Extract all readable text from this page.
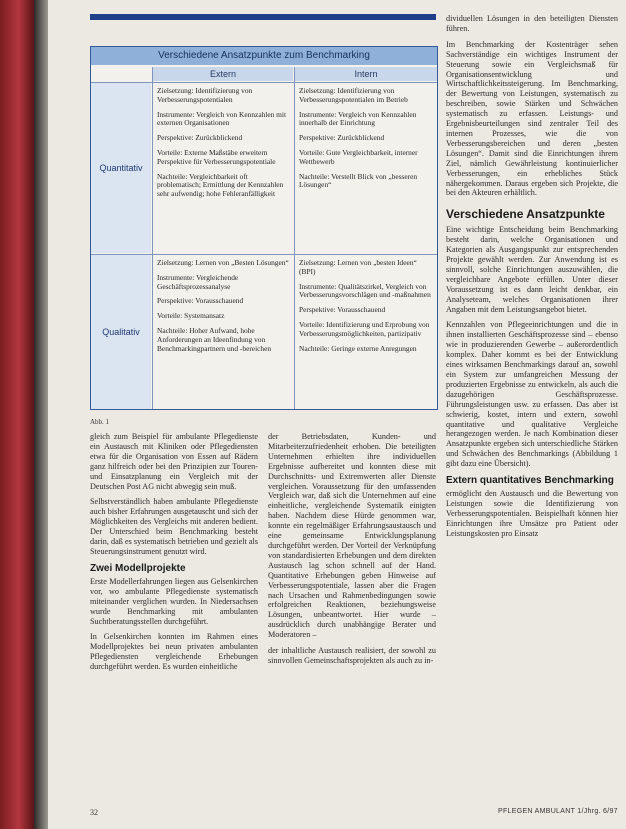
Verschiedene Ansatzpunkte zum Benchmarking
Extern	Intern
Quantitativ
Qualitativ

Zielsetzung: Identifizierung von Verbesserungspotentialen

Instrumente: Vergleich von Kennzahlen mit externen Organisationen

Perspektive: Zurückblickend

Vorteile: Externe Maßstäbe erweitern Perspektive für Verbesserungspotentiale

Nachteile: Vergleichbarkeit oft problematisch; Ermittlung der Kennzahlen sehr aufwendig; hohe Fehleranfälligkeit

Zielsetzung: Identifizierung von Verbesserungspotentialen im Betrieb

Instrumente: Vergleich von Kennzahlen innerhalb der Einrichtung

Perspektive: Zurückblickend

Vorteile: Gute Vergleichbarkeit, interner Wettbewerb

Nachteile: Verstellt Blick von „besseren Lösungen“

Zielsetzung: Lernen von „Besten Lösungen“

Instrumente: Vergleichende Geschäftsprozessanalyse

Perspektive: Vorausschauend

Vorteile: Systemansatz

Nachteile: Hoher Aufwand, hohe Anforderungen an Ideenfindung von Benchmarkingpartnern und -bereichen

Zielsetzung: Lernen von „besten Ideen“ (BPI)

Instrumente: Qualitätszirkel, Vergleich von Verbesserungsvorschlägen und -maßnahmen

Perspektive: Vorausschauend

Vorteile: Identifizierung und Erprobung von Verbesserungsmöglichkeiten, partizipativ

Nachteile: Geringe externe Anregungen

Abb. 1

dividuellen Lösungen in den beteiligten Diensten führen.

Im Benchmarking der Kostenträger sehen Sachverständige ein wichtiges Instrument der Steuerung sowie ein Vergleichsmaß für Organisationsentwicklung und Wirtschaftlichkeitssteigerung. Im Benchmarking, der Bewertung von Leistungen, systematisch zu beschreiben, sowie Stärken und Schwächen systematisch zu erfassen. Leistungs- und Ergebnisbeurteilungen sind zentraler Teil des internen Prozesses, wie die von Verbesserungsbereichen und deren „besten Lösungen“. Damit sind die Einrichtungen ihrem Ziel, nämlich Gewährleistung kontinuierlicher Verbesserungen, ein erhebliches Stück nähergekommen. Daraus ergeben sich Projekte, die bei den Akteuren erhältlich.

Verschiedene Ansatzpunkte

Eine wichtige Entscheidung beim Benchmarking besteht darin, welche Organisationen und Kategorien als Ausgangspunkt zur entsprechenden Projekte gewählt werden. Zur Anwendung ist es sinnvoll, solche Einrichtungen auszuwählen, die vergleichbare Angebote erfüllen. Unter dieser Voraussetzung ist es dann leicht denkbar, ein Analyseteam, welches Organisationen ihrer Angaben mit dem Leistungsangebot bietet.

Kennzahlen von Pflegeeinrichtungen und die in ihnen installierten Geschäftsprozesse sind – ebenso wie in produzierenden Gewerbe – außerordentlich komplex. Daher kommt es bei der Entwicklung eines wirksamen Benchmarkings darauf an, sowohl ein System zur umfangreichen Messung der produzierten Ergebnisse zu entwickeln, als auch die dazugehörigen Geschäftsprozesse. Führungsleistungen usw. zu erfassen. Das aber ist schwierig, kostet, intern und extern, sowohl quantitative und qualitative Vergleiche herangezogen werden. Je nach Kombination dieser Ansatzpunkte ergeben sich unterschiedliche Stärken und Schwächen des Benchmarkings (Abbildung 1 gibt dazu eine Übersicht).

Extern quantitatives Benchmarking

ermöglicht den Austausch und die Bewertung von Leistungen sowie die Identifizierung von Verbesserungspotentialen. Beispielhaft können hier Einrichtungen ihre Umsätze pro Patient oder Leistungskosten pro Einsatz

gleich zum Beispiel für ambulante Pflegedienste ein Austausch mit Kliniken oder Pflegediensten etwa für die Organisation von Essen auf Rädern ganz hilfreich oder bei den Prinzipien zur Touren- und Einsatzplanung ein Vergleich mit der Deutschen Post AG nicht abwegig sein muß.

Selbstverständlich haben ambulante Pflegedienste auch bisher Erfahrungen ausgetauscht und sich der Möglichkeiten des Vergleichs mit anderen bedient. Der Unterschied beim Benchmarking besteht darin, daß es systematisch betrieben und gezielt als Steuerungsinstrument genutzt wird.

Zwei Modellprojekte

Erste Modellerfahrungen liegen aus Gelsenkirchen vor, wo ambulante Pflegedienste systematisch miteinander verglichen wurden. In Niedersachsen wurde Benchmarking mit ambulanten Suchtberatungsstellen durchgeführt.

In Gelsenkirchen konnten im Rahmen eines Modellprojektes bei neun privaten ambulanten Pflegediensten vergleichende Erhebungen durchgeführt werden. Es wurden einheitliche

der Betriebsdaten, Kunden- und Mitarbeiterzufriedenheit erhoben. Die beteiligten Unternehmen erhielten ihre individuellen Ergebnisse aufbereitet und konnten diese mit Durchschnitts- und Extremwerten aller Dienste vergleichen. Voraussetzung für den umfassenden Vergleich war, daß sich die Unternehmen auf eine einheitliche, vergleichende Systematik einigten haben. Nachdem diese Hürde genommen war, konnte ein regelmäßiger Erfahrungsaustausch und eine gemeinsame Entwicklungsplanung durchgeführt werden. Der Vorteil der Verknüpfung von standardisierten Erhebungen und dem direkten Austausch lag schon schnell auf der Hand. Quantitative Erhebungen geben Hinweise auf Verbesserungspotentiale, lassen aber die Fragen nach Ursachen und Rahmenbedingungen sowie erfolgreichen Reaktionen, beziehungsweise Lösungen, unbeantwortet. Hier wurde – ausdrücklich durch unabhängige Berater und Moderatoren –

der inhaltliche Austausch realisiert, der sowohl zu sinnvollen Gemeinschaftsprojekten als auch zu in-

32	PFLEGEN AMBULANT 1/Jhrg. 6/97
